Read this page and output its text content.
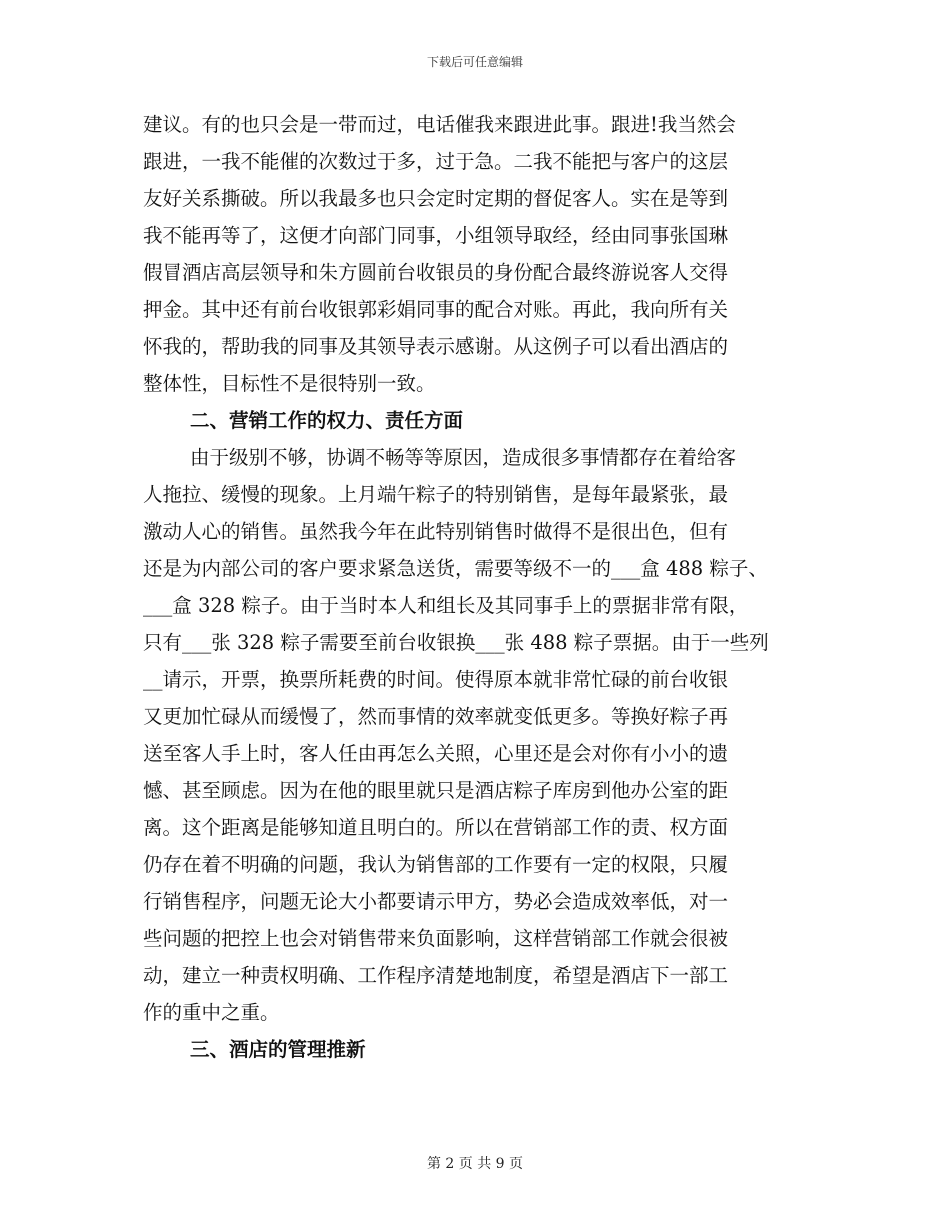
下载后可任意编辑
建议。有的也只会是一带而过，电话催我来跟进此事。跟进!我当然会
跟进，一我不能催的次数过于多，过于急。二我不能把与客户的这层
友好关系撕破。所以我最多也只会定时定期的督促客人。实在是等到
我不能再等了，这便才向部门同事，小组领导取经，经由同事张国琳
假冒酒店高层领导和朱方圆前台收银员的身份配合最终游说客人交得
押金。其中还有前台收银郭彩娟同事的配合对账。再此，我向所有关
怀我的，帮助我的同事及其领导表示感谢。从这例子可以看出酒店的
整体性，目标性不是很特别一致。
二、营销工作的权力、责任方面
由于级别不够，协调不畅等等原因，造成很多事情都存在着给客
人拖拉、缓慢的现象。上月端午粽子的特别销售，是每年最紧张，最
激动人心的销售。虽然我今年在此特别销售时做得不是很出色，但有
还是为内部公司的客户要求紧急送货，需要等级不一的___盒 488 粽子、
___盒 328 粽子。由于当时本人和组长及其同事手上的票据非常有限，
只有___张 328 粽子需要至前台收银换___张 488 粽子票据。由于一些列
__请示，开票，换票所耗费的时间。使得原本就非常忙碌的前台收银
又更加忙碌从而缓慢了，然而事情的效率就变低更多。等换好粽子再
送至客人手上时，客人任由再怎么关照，心里还是会对你有小小的遗
憾、甚至顾虑。因为在他的眼里就只是酒店粽子库房到他办公室的距
离。这个距离是能够知道且明白的。所以在营销部工作的责、权方面
仍存在着不明确的问题，我认为销售部的工作要有一定的权限，只履
行销售程序，问题无论大小都要请示甲方，势必会造成效率低，对一
些问题的把控上也会对销售带来负面影响，这样营销部工作就会很被
动，建立一种责权明确、工作程序清楚地制度，希望是酒店下一部工
作的重中之重。
三、酒店的管理推新
第 2 页 共 9 页
